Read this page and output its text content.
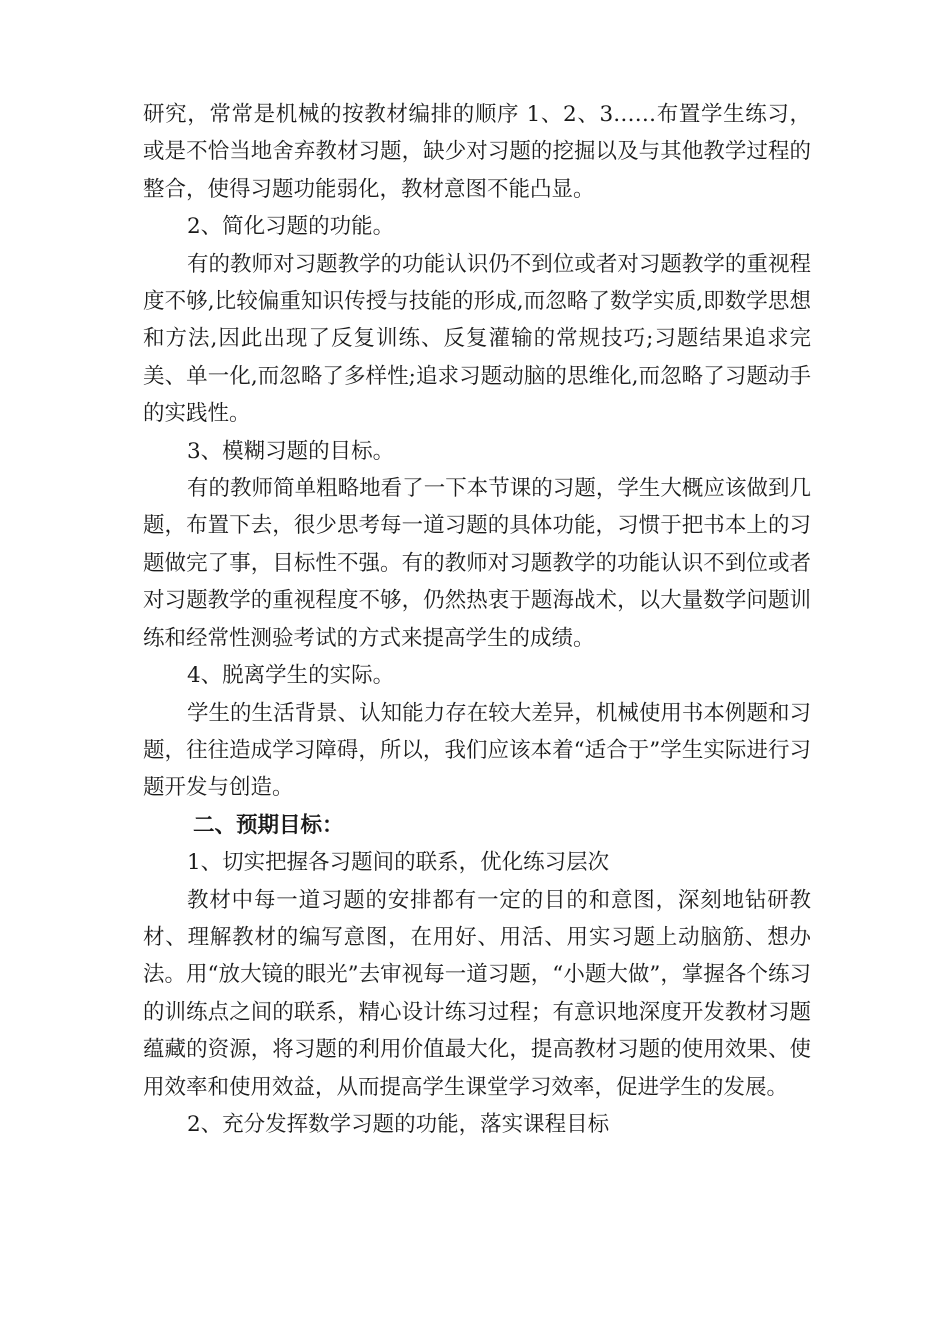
研究，常常是机械的按教材编排的顺序 1、2、3……布置学生练习，或是不恰当地舍弃教材习题，缺少对习题的挖掘以及与其他教学过程的整合，使得习题功能弱化，教材意图不能凸显。

2、简化习题的功能。

有的教师对习题教学的功能认识仍不到位或者对习题教学的重视程度不够,比较偏重知识传授与技能的形成,而忽略了数学实质,即数学思想和方法,因此出现了反复训练、反复灌输的常规技巧;习题结果追求完美、单一化,而忽略了多样性;追求习题动脑的思维化,而忽略了习题动手的实践性。

3、模糊习题的目标。

有的教师简单粗略地看了一下本节课的习题，学生大概应该做到几题，布置下去，很少思考每一道习题的具体功能，习惯于把书本上的习题做完了事，目标性不强。有的教师对习题教学的功能认识不到位或者对习题教学的重视程度不够，仍然热衷于题海战术，以大量数学问题训练和经常性测验考试的方式来提高学生的成绩。

4、脱离学生的实际。

学生的生活背景、认知能力存在较大差异，机械使用书本例题和习题，往往造成学习障碍，所以，我们应该本着“适合于”学生实际进行习题开发与创造。

二、预期目标：

1、切实把握各习题间的联系，优化练习层次

教材中每一道习题的安排都有一定的目的和意图，深刻地钻研教材、理解教材的编写意图，在用好、用活、用实习题上动脑筋、想办法。用“放大镜的眼光”去审视每一道习题，“小题大做”，掌握各个练习的训练点之间的联系，精心设计练习过程；有意识地深度开发教材习题蕴藏的资源，将习题的利用价值最大化，提高教材习题的使用效果、使用效率和使用效益，从而提高学生课堂学习效率，促进学生的发展。

2、充分发挥数学习题的功能，落实课程目标
